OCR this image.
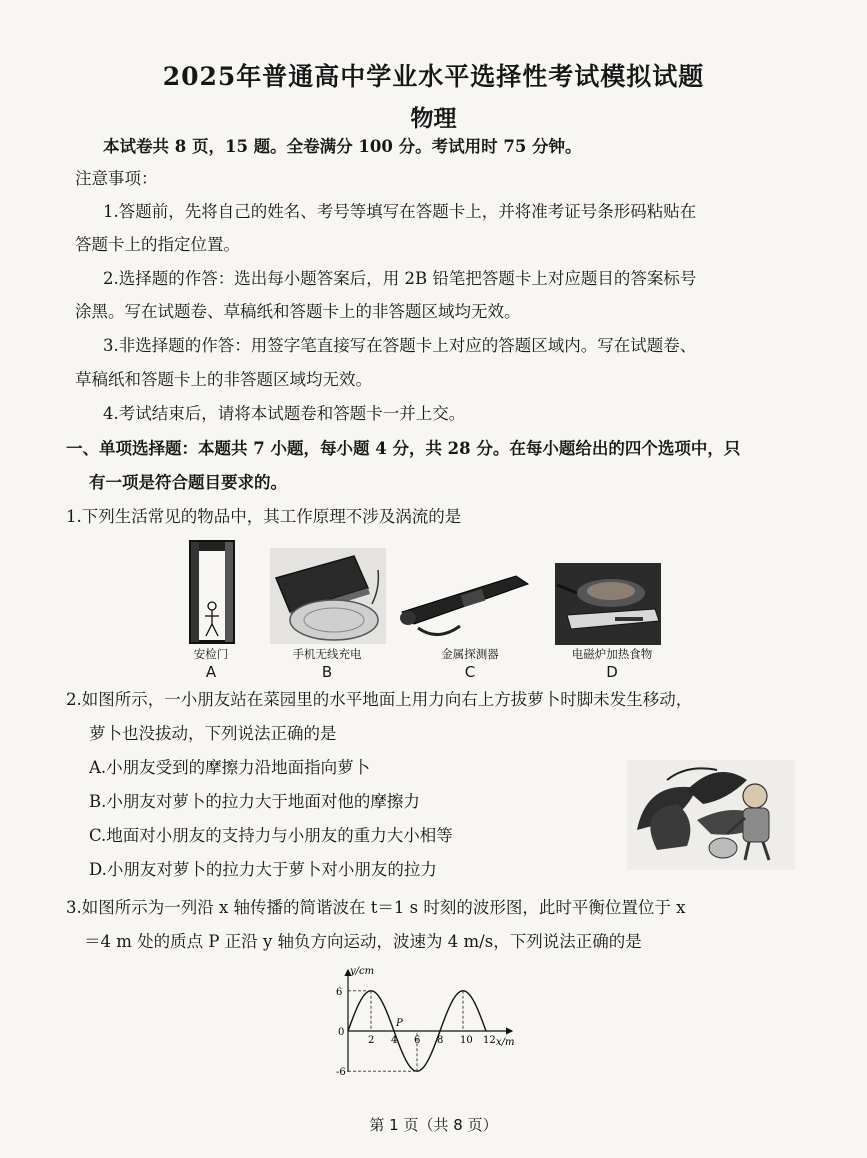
2025年普通高中学业水平选择性考试模拟试题
物理
本试卷共 8 页，15 题。全卷满分 100 分。考试用时 75 分钟。
注意事项：
1.答题前，先将自己的姓名、考号等填写在答题卡上，并将准考证号条形码粘贴在
答题卡上的指定位置。
2.选择题的作答：选出每小题答案后，用 2B 铅笔把答题卡上对应题目的答案标号
涂黑。写在试题卷、草稿纸和答题卡上的非答题区域均无效。
3.非选择题的作答：用签字笔直接写在答题卡上对应的答题区域内。写在试题卷、
草稿纸和答题卡上的非答题区域均无效。
4.考试结束后，请将本试题卷和答题卡一并上交。
一、单项选择题：本题共 7 小题，每小题 4 分，共 28 分。在每小题给出的四个选项中，只
有一项是符合题目要求的。
1.下列生活常见的物品中，其工作原理不涉及涡流的是
安检门	手机无线充电	金属探测器	电磁炉加热食物
A	B	C	D
2.如图所示，一小朋友站在菜园里的水平地面上用力向右上方拔萝卜时脚未发生移动，
萝卜也没拔动，下列说法正确的是
A.小朋友受到的摩擦力沿地面指向萝卜
B.小朋友对萝卜的拉力大于地面对他的摩擦力
C.地面对小朋友的支持力与小朋友的重力大小相等
D.小朋友对萝卜的拉力大于萝卜对小朋友的拉力
3.如图所示为一列沿 x 轴传播的简谐波在 t＝1 s 时刻的波形图，此时平衡位置位于 x
＝4 m 处的质点 P 正沿 y 轴负方向运动，波速为 4 m/s，下列说法正确的是
y/cm
x/m
0
6
-6
2 4 6 8 10 12
P
第 1 页（共 8 页）
